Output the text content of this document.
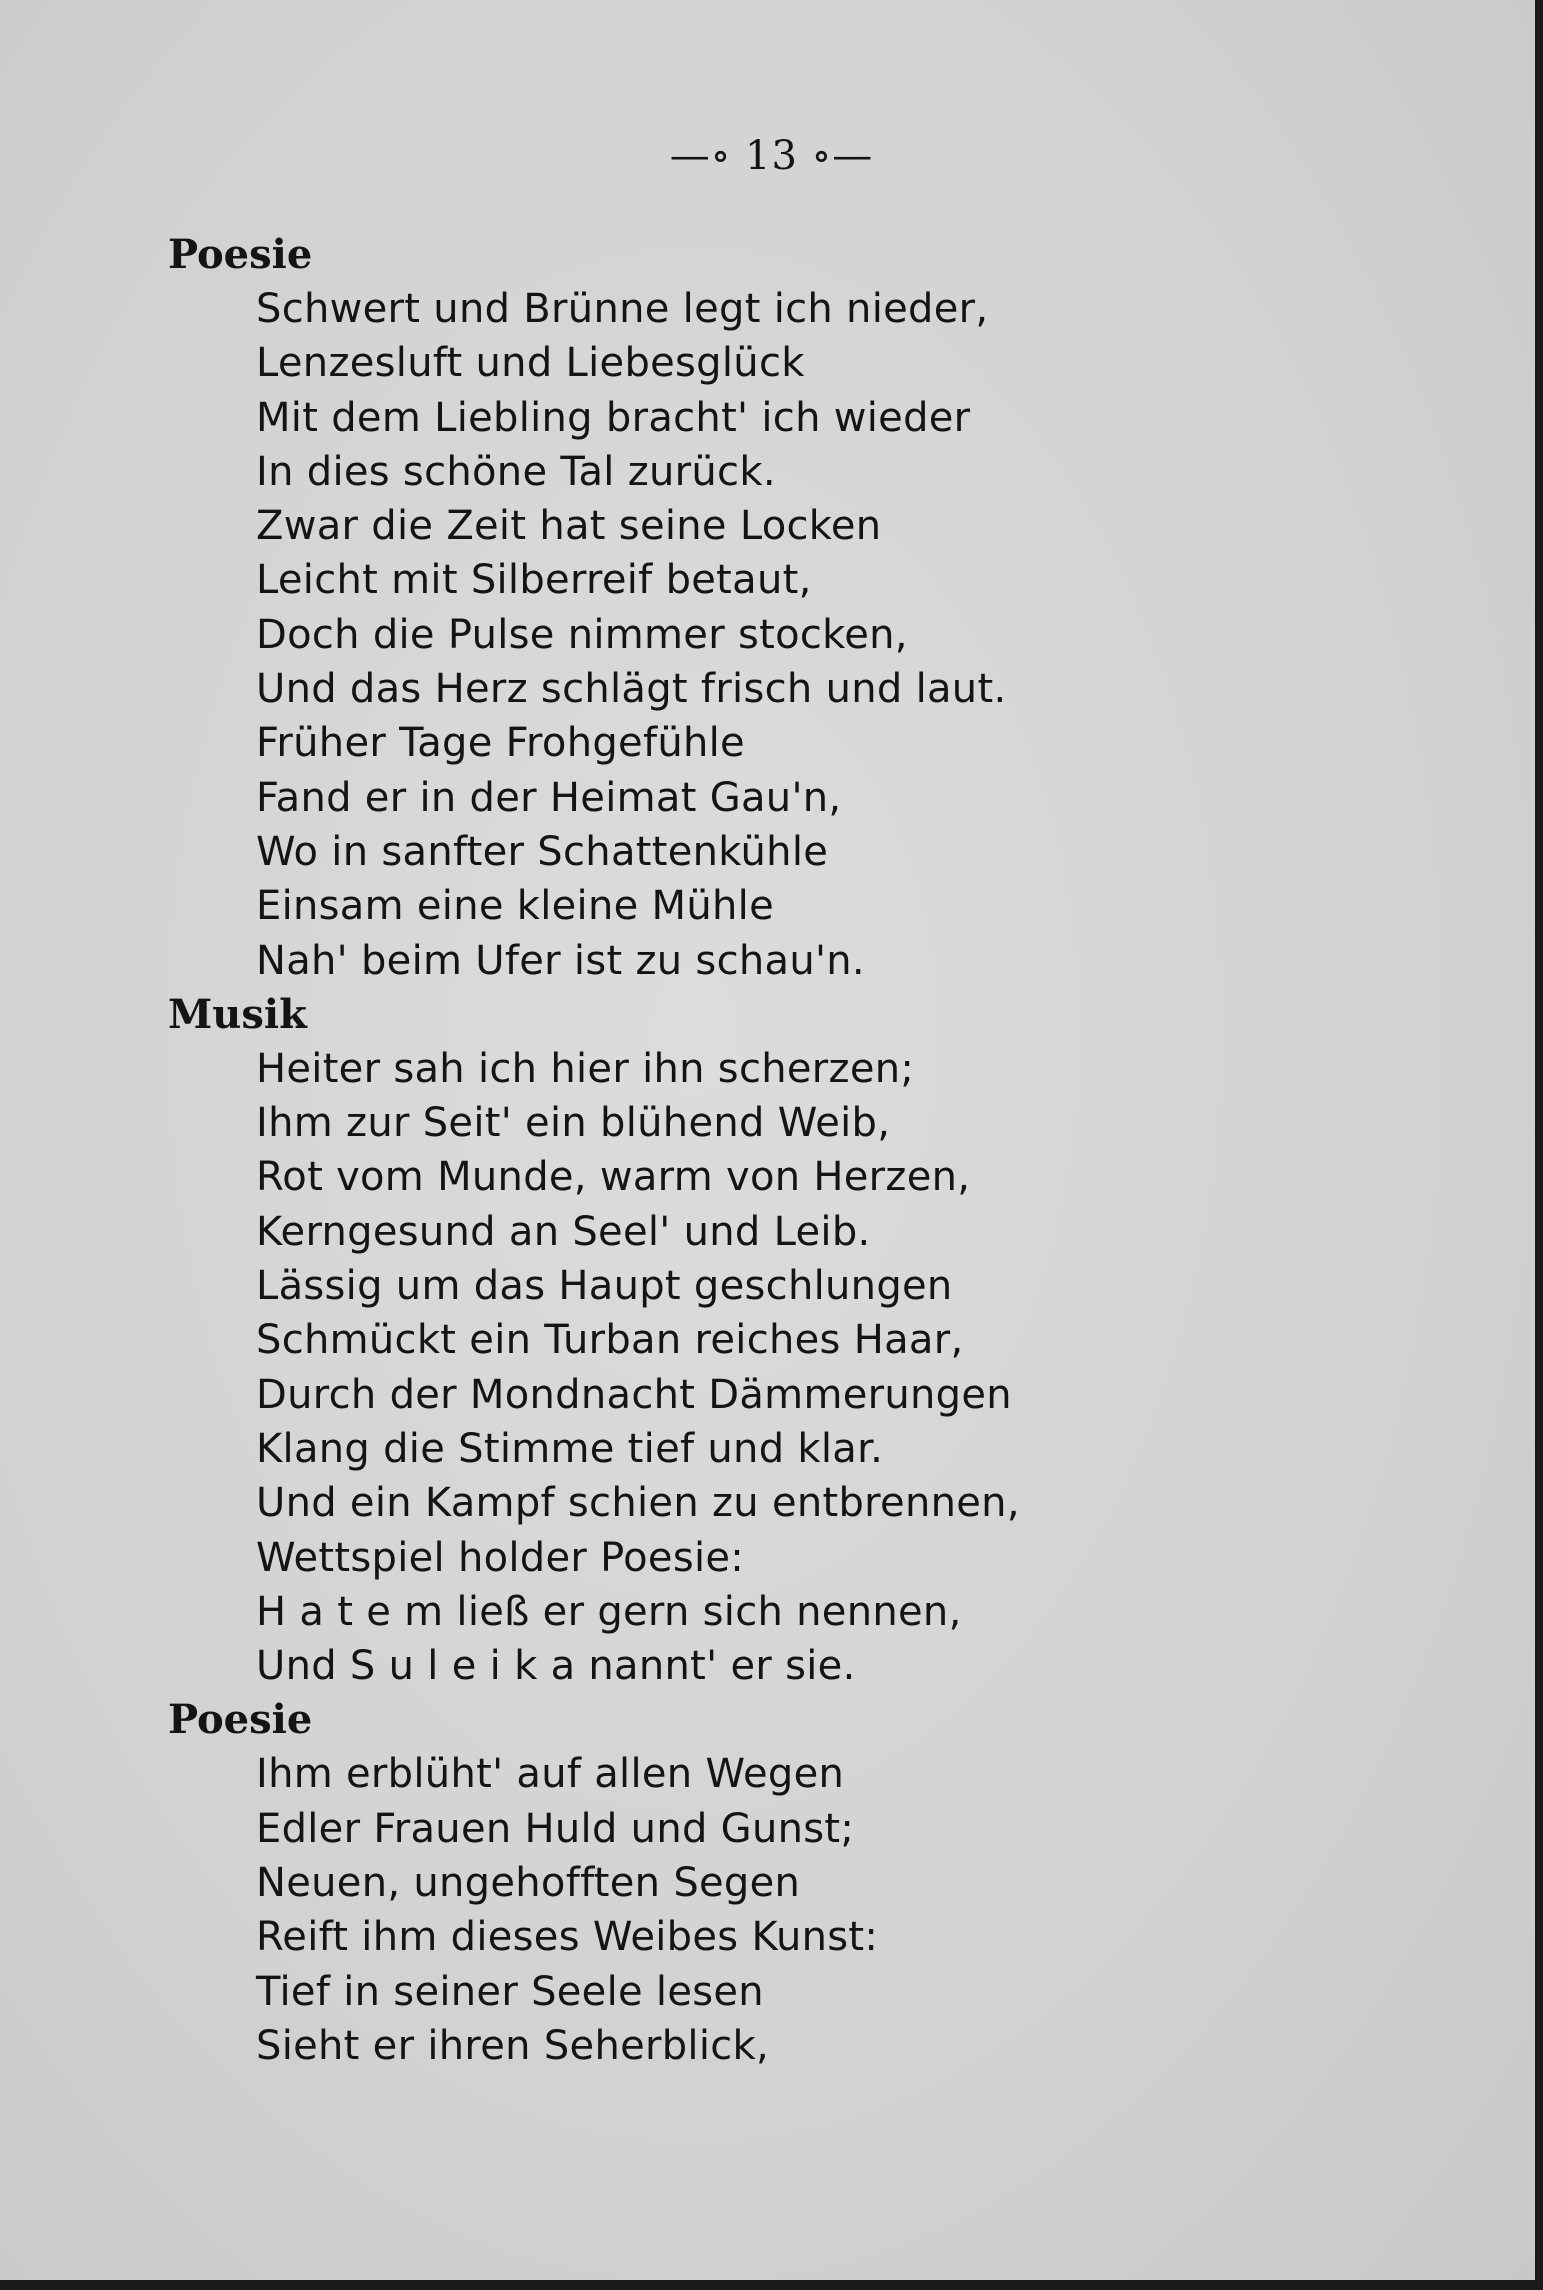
—∘ 13 ∘—
Poesie
Schwert und Brünne legt ich nieder,
Lenzesluft und Liebesglück
Mit dem Liebling bracht' ich wieder
In dies schöne Tal zurück.
Zwar die Zeit hat seine Locken
Leicht mit Silberreif betaut,
Doch die Pulse nimmer stocken,
Und das Herz schlägt frisch und laut.
Früher Tage Frohgefühle
Fand er in der Heimat Gau'n,
Wo in sanfter Schattenkühle
Einsam eine kleine Mühle
Nah' beim Ufer ist zu schau'n.
Musik
Heiter sah ich hier ihn scherzen;
Ihm zur Seit' ein blühend Weib,
Rot vom Munde, warm von Herzen,
Kerngesund an Seel' und Leib.
Lässig um das Haupt geschlungen
Schmückt ein Turban reiches Haar,
Durch der Mondnacht Dämmerungen
Klang die Stimme tief und klar.
Und ein Kampf schien zu entbrennen,
Wettspiel holder Poesie:
H a t e m ließ er gern sich nennen,
Und S u l e i k a nannt' er sie.
Poesie
Ihm erblüht' auf allen Wegen
Edler Frauen Huld und Gunst;
Neuen, ungehofften Segen
Reift ihm dieses Weibes Kunst:
Tief in seiner Seele lesen
Sieht er ihren Seherblick,
